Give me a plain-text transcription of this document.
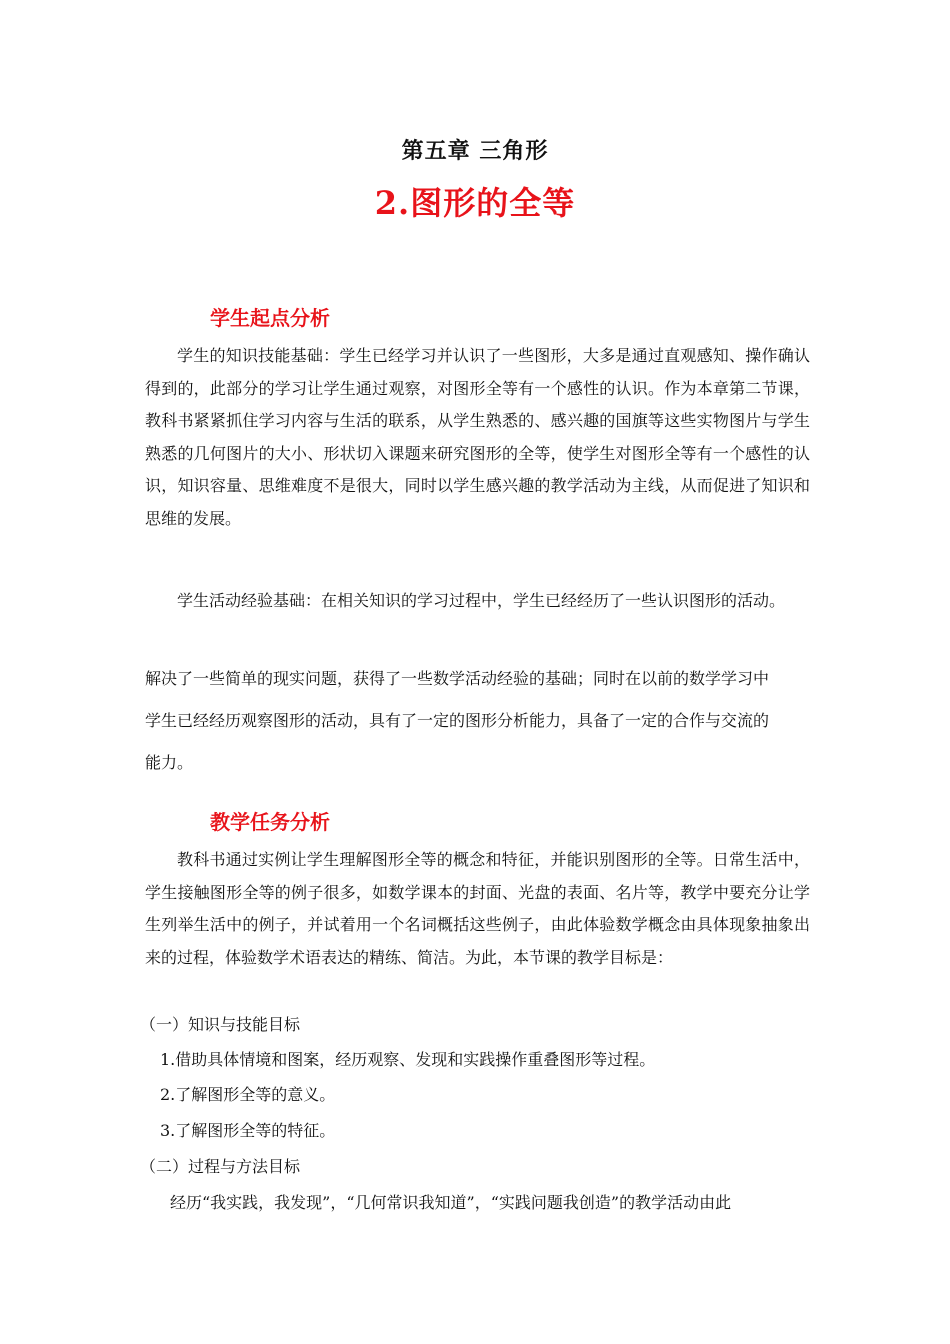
第五章 三角形
2.图形的全等
学生起点分析
学生的知识技能基础：学生已经学习并认识了一些图形，大多是通过直观感知、操作确认得到的，此部分的学习让学生通过观察，对图形全等有一个感性的认识。作为本章第二节课，教科书紧紧抓住学习内容与生活的联系，从学生熟悉的、感兴趣的国旗等这些实物图片与学生熟悉的几何图片的大小、形状切入课题来研究图形的全等，使学生对图形全等有一个感性的认识，知识容量、思维难度不是很大，同时以学生感兴趣的教学活动为主线，从而促进了知识和思维的发展。
学生活动经验基础：在相关知识的学习过程中，学生已经经历了一些认识图形的活动。
解决了一些简单的现实问题，获得了一些数学活动经验的基础；同时在以前的数学学习中
学生已经经历观察图形的活动，具有了一定的图形分析能力，具备了一定的合作与交流的
能力。
教学任务分析
教科书通过实例让学生理解图形全等的概念和特征，并能识别图形的全等。日常生活中，学生接触图形全等的例子很多，如数学课本的封面、光盘的表面、名片等，教学中要充分让学生列举生活中的例子，并试着用一个名词概括这些例子，由此体验数学概念由具体现象抽象出来的过程，体验数学术语表达的精练、简洁。为此，本节课的教学目标是：
（一）知识与技能目标
1.借助具体情境和图案，经历观察、发现和实践操作重叠图形等过程。
2.了解图形全等的意义。
3.了解图形全等的特征。
（二）过程与方法目标
经历“我实践，我发现”，“几何常识我知道”，“实践问题我创造”的教学活动由此
